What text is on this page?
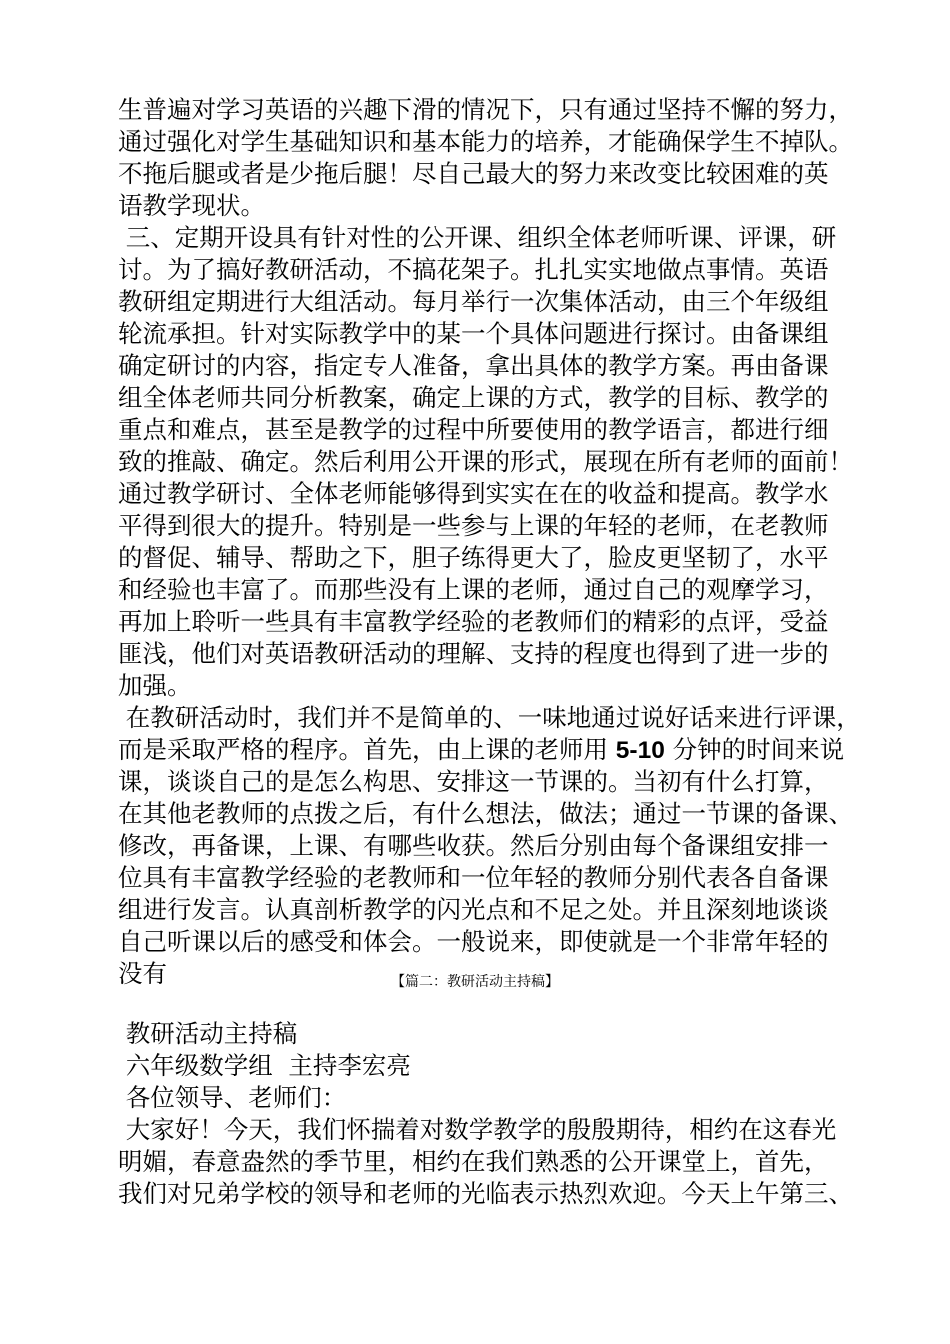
生普遍对学习英语的兴趣下滑的情况下，只有通过坚持不懈的努力，
通过强化对学生基础知识和基本能力的培养，才能确保学生不掉队。
不拖后腿或者是少拖后腿！尽自己最大的努力来改变比较困难的英
语教学现状。
三、定期开设具有针对性的公开课、组织全体老师听课、评课，研
讨。为了搞好教研活动，不搞花架子。扎扎实实地做点事情。英语
教研组定期进行大组活动。每月举行一次集体活动，由三个年级组
轮流承担。针对实际教学中的某一个具体问题进行探讨。由备课组
确定研讨的内容，指定专人准备，拿出具体的教学方案。再由备课
组全体老师共同分析教案，确定上课的方式，教学的目标、教学的
重点和难点，甚至是教学的过程中所要使用的教学语言，都进行细
致的推敲、确定。然后利用公开课的形式，展现在所有老师的面前！
通过教学研讨、全体老师能够得到实实在在的收益和提高。教学水
平得到很大的提升。特别是一些参与上课的年轻的老师，在老教师
的督促、辅导、帮助之下，胆子练得更大了，脸皮更坚韧了，水平
和经验也丰富了。而那些没有上课的老师，通过自己的观摩学习，
再加上聆听一些具有丰富教学经验的老教师们的精彩的点评，受益
匪浅，他们对英语教研活动的理解、支持的程度也得到了进一步的
加强。
在教研活动时，我们并不是简单的、一味地通过说好话来进行评课，
而是采取严格的程序。首先，由上课的老师用 5-10 分钟的时间来说
课，谈谈自己的是怎么构思、安排这一节课的。当初有什么打算，
在其他老教师的点拨之后，有什么想法，做法；通过一节课的备课、
修改，再备课，上课、有哪些收获。然后分别由每个备课组安排一
位具有丰富教学经验的老教师和一位年轻的教师分别代表各自备课
组进行发言。认真剖析教学的闪光点和不足之处。并且深刻地谈谈
自己听课以后的感受和体会。一般说来，即使就是一个非常年轻的
没有	【篇二：教研活动主持稿】
教研活动主持稿
六年级数学组  主持李宏亮
各位领导、老师们：
大家好！今天，我们怀揣着对数学教学的殷殷期待，相约在这春光
明媚，春意盎然的季节里，相约在我们熟悉的公开课堂上，首先，
我们对兄弟学校的领导和老师的光临表示热烈欢迎。今天上午第三、
